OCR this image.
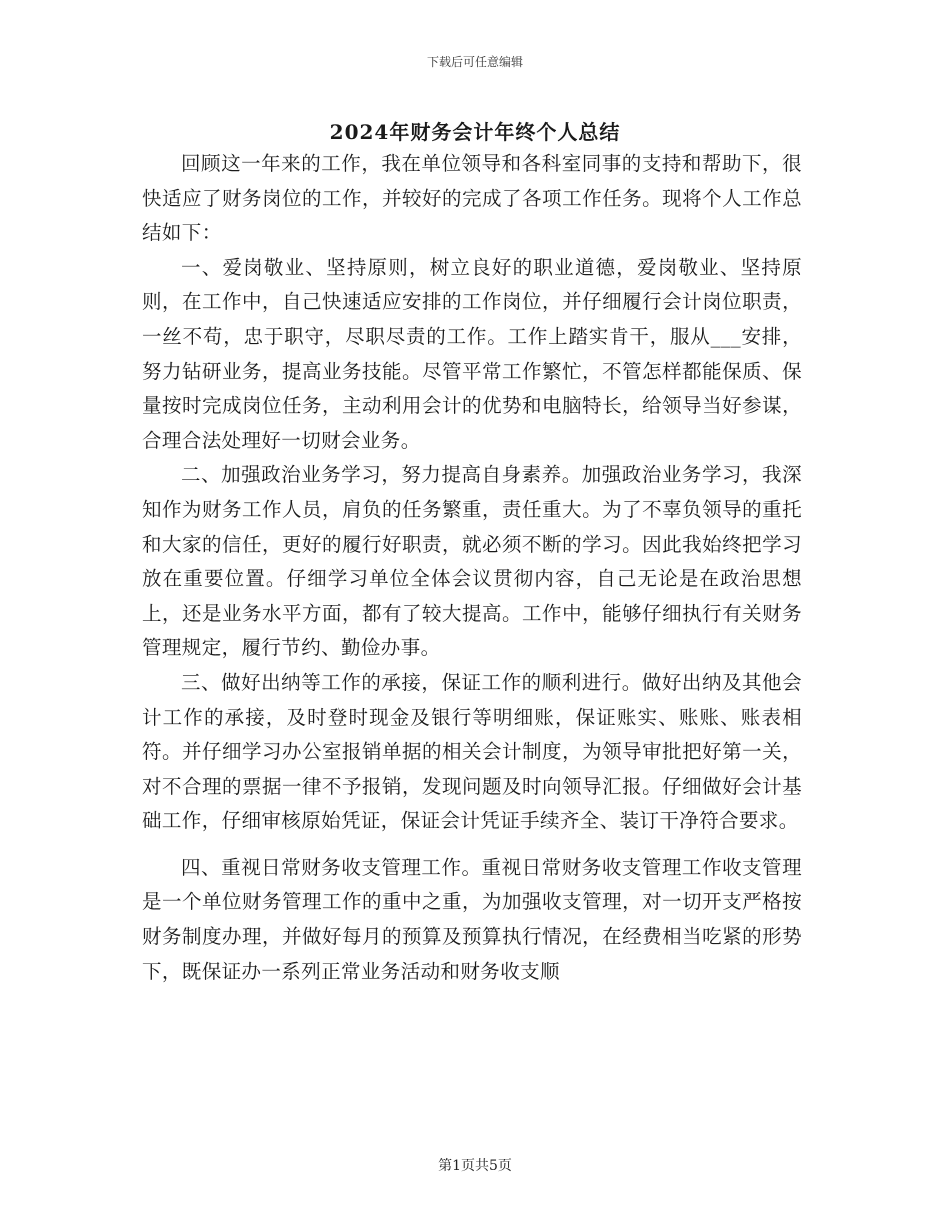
下载后可任意编辑
2024年财务会计年终个人总结

回顾这一年来的工作，我在单位领导和各科室同事的支持和帮助下，很快适应了财务岗位的工作，并较好的完成了各项工作任务。现将个人工作总结如下：

一、爱岗敬业、坚持原则，树立良好的职业道德，爱岗敬业、坚持原则，在工作中，自己快速适应安排的工作岗位，并仔细履行会计岗位职责，一丝不苟，忠于职守，尽职尽责的工作。工作上踏实肯干，服从___安排，努力钻研业务，提高业务技能。尽管平常工作繁忙，不管怎样都能保质、保量按时完成岗位任务，主动利用会计的优势和电脑特长，给领导当好参谋，合理合法处理好一切财会业务。

二、加强政治业务学习，努力提高自身素养。加强政治业务学习，我深知作为财务工作人员，肩负的任务繁重，责任重大。为了不辜负领导的重托和大家的信任，更好的履行好职责，就必须不断的学习。因此我始终把学习放在重要位置。仔细学习单位全体会议贯彻内容，自己无论是在政治思想上，还是业务水平方面，都有了较大提高。工作中，能够仔细执行有关财务管理规定，履行节约、勤俭办事。

三、做好出纳等工作的承接，保证工作的顺利进行。做好出纳及其他会计工作的承接，及时登时现金及银行等明细账，保证账实、账账、账表相符。并仔细学习办公室报销单据的相关会计制度，为领导审批把好第一关，对不合理的票据一律不予报销，发现问题及时向领导汇报。仔细做好会计基础工作，仔细审核原始凭证，保证会计凭证手续齐全、装订干净符合要求。

四、重视日常财务收支管理工作。重视日常财务收支管理工作收支管理是一个单位财务管理工作的重中之重，为加强收支管理，对一切开支严格按财务制度办理，并做好每月的预算及预算执行情况，在经费相当吃紧的形势下，既保证办一系列正常业务活动和财务收支顺

第1页共5页
